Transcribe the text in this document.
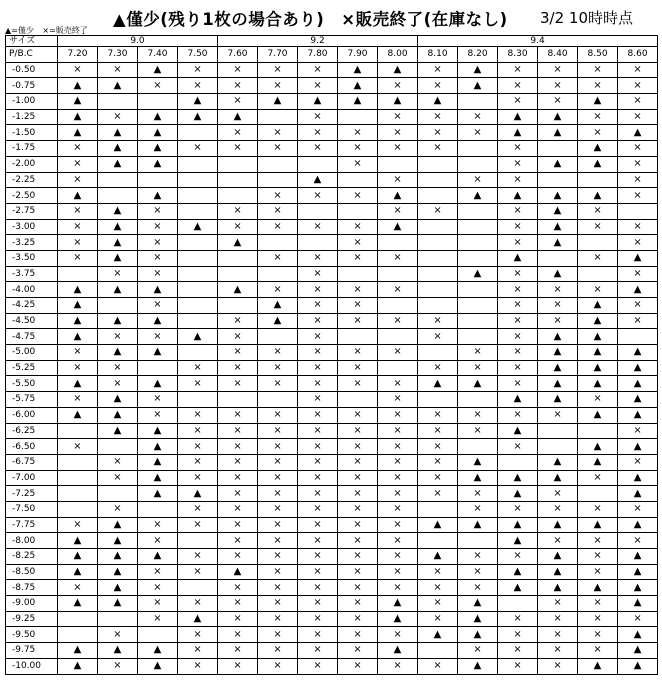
▲僅少(残り1枚の場合あり)　×販売終了(在庫なし) 3/2 10時時点
▲=僅少 ×=販売終了
サイズ	9.0				9.2					9.4					
P/B.C	7.20	7.30	7.40	7.50	7.60	7.70	7.80	7.90	8.00	8.10	8.20	8.30	8.40	8.50	8.60
-0.50	×	×	▲	×	×	×	×	▲	▲	×	▲	×	×	×	×
-0.75	▲	▲	×	×	×	×	×	▲	×	×	▲	×	×	×	×
-1.00	▲			▲	×	▲	▲	▲	▲	▲		×	×	▲	×
-1.25	▲	×	▲	▲	▲		×		×	×	×	▲	▲	×	×
-1.50	▲	▲	▲		×	×	×	×	×	×	×	▲	▲	×	▲
-1.75	×	▲	▲	×	×	×	×	×	×	×		×		▲	×
-2.00	×	▲	▲					×				×	▲	▲	×
-2.25	×						▲		×		×	×			×
-2.50	▲		▲			×	×	×	▲		▲	▲	▲	▲	×
-2.75	×	▲	×		×	×			×	×		×	▲	×	
-3.00	×	▲	×	▲	×	×	×	×	▲			×	▲	×	×
-3.25	×	▲	×		▲			×				×	▲		×
-3.50	×	▲	×			×	×	×	×			▲		×	▲
-3.75		×	×				×				▲	×	▲		×
-4.00	▲	▲	▲		▲	×	×	×	×			×	×	×	▲
-4.25	▲		×			▲	×	×				×	×	▲	×
-4.50	▲	▲	▲		×	▲	×	×	×	×		×	×	▲	×
-4.75	▲	×	×	▲	×		×			×		×	▲	▲	
-5.00	×	▲	▲		×	×	×	×	×		×	×	▲	▲	▲
-5.25	×	×		×	×	×	×	×		×	×	×	▲	▲	▲
-5.50	▲	×	▲	×	×	×	×	×	×	▲	▲	×	▲	▲	▲
-5.75	×	▲	×				×		×			▲	▲	×	▲
-6.00	▲	▲	×	×	×	×	×	×	×	×	×	×	×	▲	▲
-6.25		▲	▲	×	×	×	×	×	×	×	×	▲			×
-6.50	×		▲	×	×	×	×	×	×	×		×		▲	▲
-6.75		×	▲	×	×	×	×	×	×	×	▲		▲	▲	×
-7.00		×	▲	×	×	×	×	×	×	×	▲	▲	▲	×	▲
-7.25			▲	▲	×	×	×	×	×	×	×	▲	×		▲
-7.50		×		×	×	×	×	×	×		×	×	×	×	×
-7.75	×	▲	×	×	×	×	×	×	×	▲	▲	▲	▲	▲	▲
-8.00	▲	▲	×		×	×	×	×	×			▲	×	×	×
-8.25	▲	▲	▲	×	×	×	×	×	×	▲	×	×	▲	×	▲
-8.50	▲	▲	×	×	▲	×	×	×	×	×	×	▲	▲	×	▲
-8.75	×	▲	×		×	×	×	×	×	×	×	▲	▲	▲	▲
-9.00	▲	▲	×	×	×	×	×	×	▲	×	▲		×	×	▲
-9.25			×	▲	×	×	×	×	▲	×	▲	×	×	×	×
-9.50		×		×	×	×	×	×	×	▲	▲	×	×	×	▲
-9.75	▲	▲	▲	×	×	×	×	×	▲		×	×	×	×	▲
-10.00	▲	×	▲	×	×	×	×	×	×	×	▲	×	×	▲	▲
